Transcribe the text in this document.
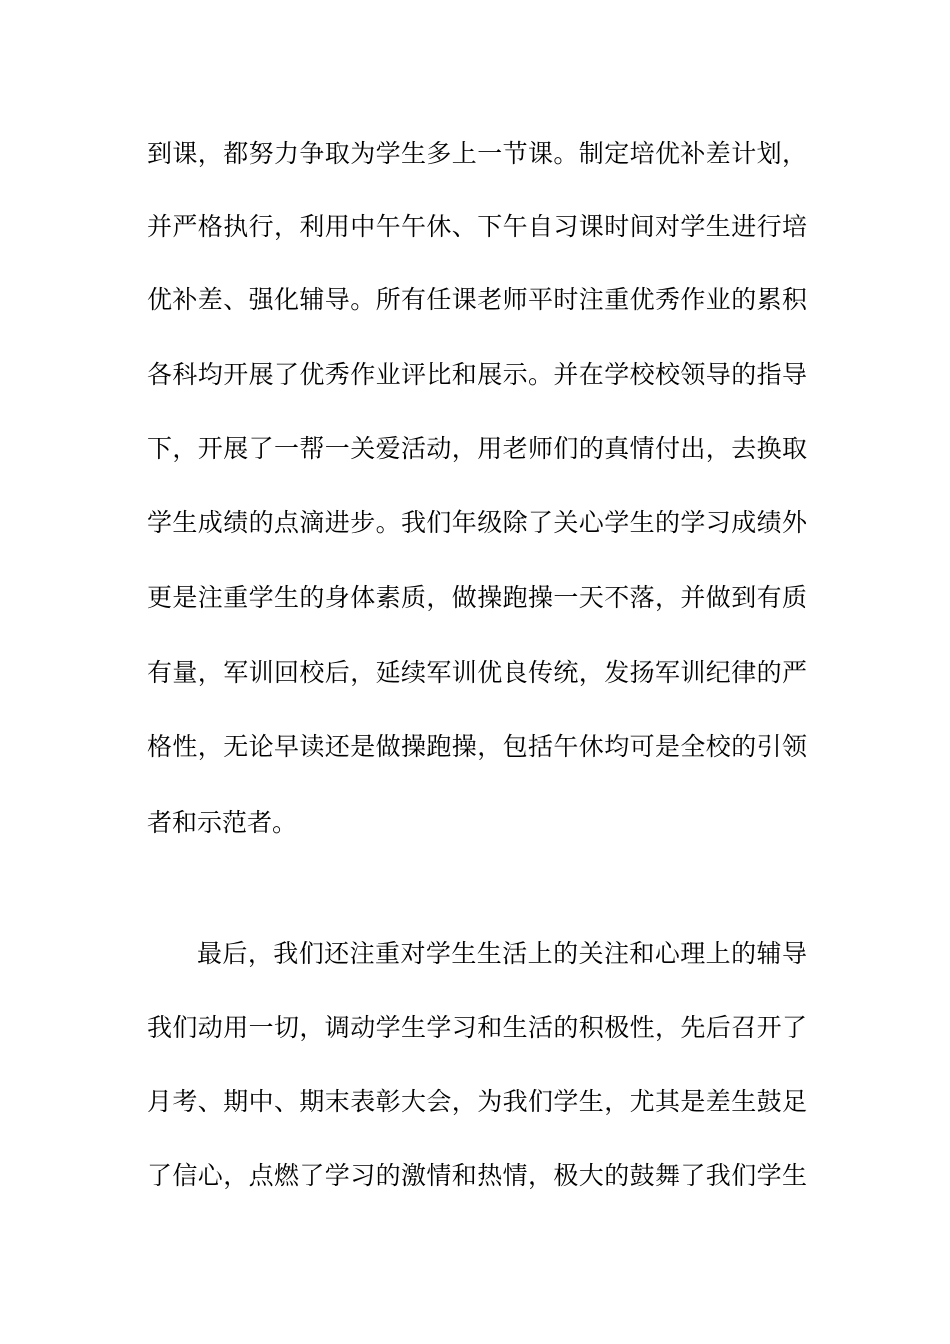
到课，都努力争取为学生多上一节课。制定培优补差计划，
并严格执行，利用中午午休、下午自习课时间对学生进行培
优补差、强化辅导。所有任课老师平时注重优秀作业的累积
各科均开展了优秀作业评比和展示。并在学校校领导的指导
下，开展了一帮一关爱活动，用老师们的真情付出，去换取
学生成绩的点滴进步。我们年级除了关心学生的学习成绩外
更是注重学生的身体素质，做操跑操一天不落，并做到有质
有量，军训回校后，延续军训优良传统，发扬军训纪律的严
格性，无论早读还是做操跑操，包括午休均可是全校的引领
者和示范者。
最后，我们还注重对学生生活上的关注和心理上的辅导
我们动用一切，调动学生学习和生活的积极性，先后召开了
月考、期中、期末表彰大会，为我们学生，尤其是差生鼓足
了信心，点燃了学习的激情和热情，极大的鼓舞了我们学生
